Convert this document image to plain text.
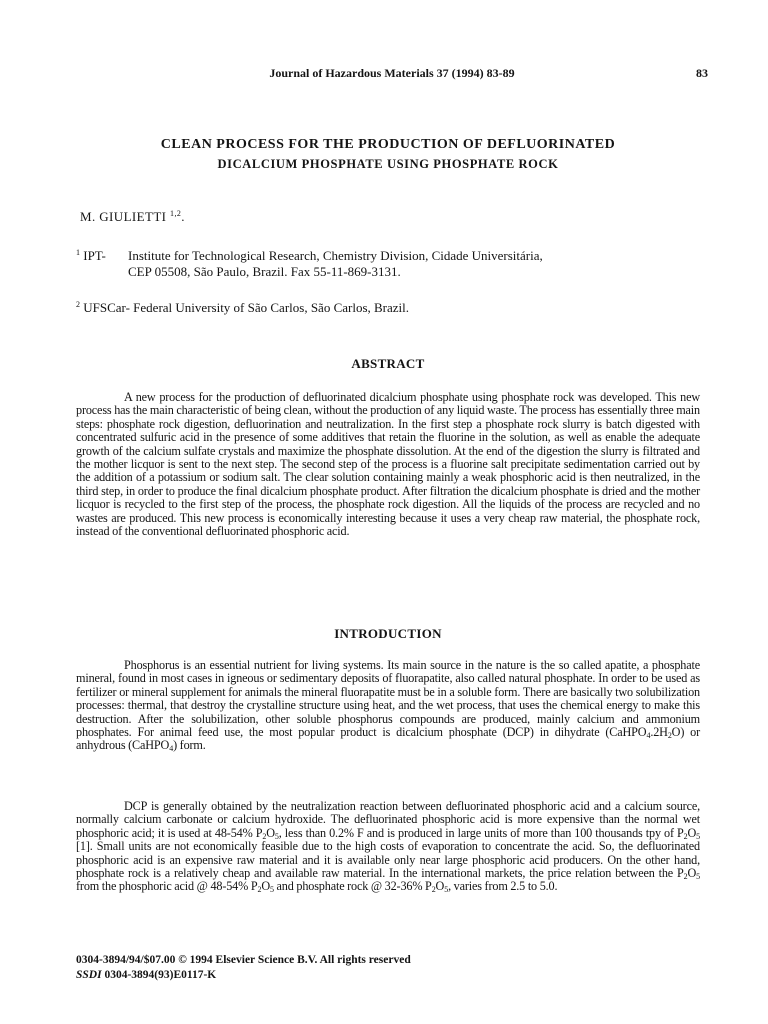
Journal of Hazardous Materials 37 (1994) 83-89	83
CLEAN PROCESS FOR THE PRODUCTION OF DEFLUORINATED
DICALCIUM PHOSPHATE USING PHOSPHATE ROCK
M. GIULIETTI $^{1,2}$.
$^1$ IPT- Institute for Technological Research, Chemistry Division, Cidade Universitária,
CEP 05508, São Paulo, Brazil. Fax 55-11-869-3131.
$^2$ UFSCar- Federal University of São Carlos, São Carlos, Brazil.
ABSTRACT
A new process for the production of defluorinated dicalcium phosphate using phosphate rock was developed. This new process has the main characteristic of being clean, without the production of any liquid waste. The process has essentially three main steps: phosphate rock digestion, defluorination and neutralization. In the first step a phosphate rock slurry is batch digested with concentrated sulfuric acid in the presence of some additives that retain the fluorine in the solution, as well as enable the adequate growth of the calcium sulfate crystals and maximize the phosphate dissolution. At the end of the digestion the slurry is filtrated and the mother licquor is sent to the next step. The second step of the process is a fluorine salt precipitate sedimentation carried out by the addition of a potassium or sodium salt. The clear solution containing mainly a weak phosphoric acid is then neutralized, in the third step, in order to produce the final dicalcium phosphate product. After filtration the dicalcium phosphate is dried and the mother licquor is recycled to the first step of the process, the phosphate rock digestion. All the liquids of the process are recycled and no wastes are produced. This new process is economically interesting because it uses a very cheap raw material, the phosphate rock, instead of the conventional defluorinated phosphoric acid.
INTRODUCTION
Phosphorus is an essential nutrient for living systems. Its main source in the nature is the so called apatite, a phosphate mineral, found in most cases in igneous or sedimentary deposits of fluorapatite, also called natural phosphate. In order to be used as fertilizer or mineral supplement for animals the mineral fluorapatite must be in a soluble form. There are basically two solubilization processes: thermal, that destroy the crystalline structure using heat, and the wet process, that uses the chemical energy to make this destruction. After the solubilization, other soluble phosphorus compounds are produced, mainly calcium and ammonium phosphates. For animal feed use, the most popular product is dicalcium phosphate (DCP) in dihydrate $(CaHPO_4.2H_2O)$ or anhydrous (CaHPO$_4$) form.
DCP is generally obtained by the neutralization reaction between defluorinated phosphoric acid and a calcium source, normally calcium carbonate or calcium hydroxide. The defluorinated phosphoric acid is more expensive than the normal wet phosphoric acid; it is used at 48-54% $P_2O_5$, less than 0.2% F and is produced in large units of more than 100 thousands tpy of $P_2O_5$ [1]. Small units are not economically feasible due to the high costs of evaporation to concentrate the acid. So, the defluorinated phosphoric acid is an expensive raw material and it is available only near large phosphoric acid producers. On the other hand, phosphate rock is a relatively cheap and available raw material. In the international markets, the price relation between the $P_2O_5$ from the phosphoric acid @ 48-54% $P_2O_5$ and phosphate rock @ 32-36% $P_2O_5$, varies from 2.5 to 5.0.
0304-3894/94/$07.00 © 1994 Elsevier Science B.V. All rights reserved
SSDI 0304-3894(93)E0117-K
